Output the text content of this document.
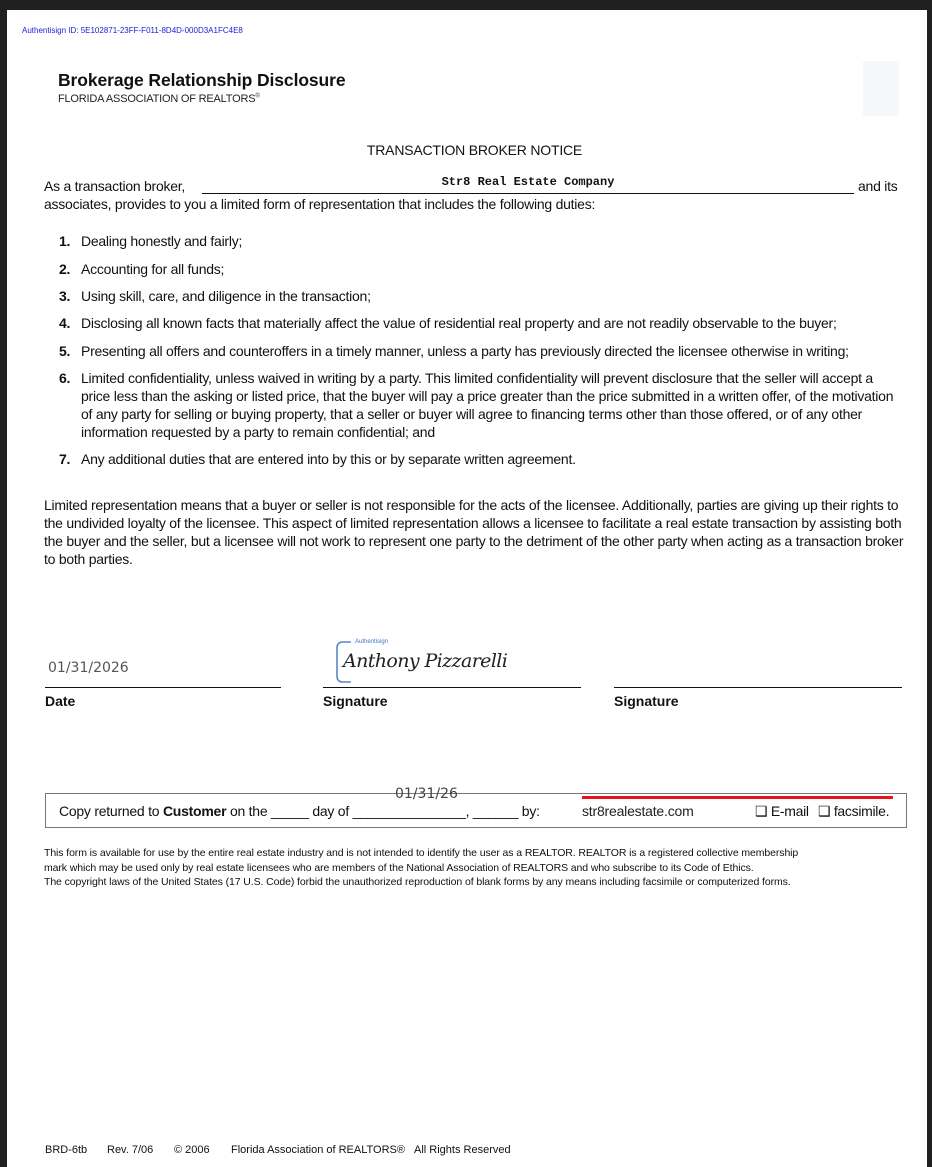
Authentisign ID: 5E102871-23FF-F011-8D4D-000D3A1FC4E8
Brokerage Relationship Disclosure
FLORIDA ASSOCIATION OF REALTORS®
TRANSACTION BROKER NOTICE
As a transaction broker,	Str8 Real Estate Company	and its
associates, provides to you a limited form of representation that includes the following duties:
1. Dealing honestly and fairly;
2. Accounting for all funds;
3. Using skill, care, and diligence in the transaction;
4. Disclosing all known facts that materially affect the value of residential real property and are not readily observable to the buyer;
5. Presenting all offers and counteroffers in a timely manner, unless a party has previously directed the licensee otherwise in writing;
6. Limited confidentiality, unless waived in writing by a party. This limited confidentiality will prevent disclosure that the seller will accept a price less than the asking or listed price, that the buyer will pay a price greater than the price submitted in a written offer, of the motivation of any party for selling or buying property, that a seller or buyer will agree to financing terms other than those offered, or of any other information requested by a party to remain confidential; and
7. Any additional duties that are entered into by this or by separate written agreement.
Limited representation means that a buyer or seller is not responsible for the acts of the licensee. Additionally, parties are giving up their rights to the undivided loyalty of the licensee. This aspect of limited representation allows a licensee to facilitate a real estate transaction by assisting both the buyer and the seller, but a licensee will not work to represent one party to the detriment of the other party when acting as a transaction broker to both parties.
01/31/2026
Date
Authentisign
Anthony Pizzarelli
Signature	Signature
Copy returned to Customer on the _____ day of _______________, ______ by:
01/31/26
str8realestate.com	❑ E-mail ❑ facsimile.
This form is available for use by the entire real estate industry and is not intended to identify the user as a REALTOR. REALTOR is a registered collective membership
mark which may be used only by real estate licensees who are members of the National Association of REALTORS and who subscribe to its Code of Ethics.
The copyright laws of the United States (17 U.S. Code) forbid the unauthorized reproduction of blank forms by any means including facsimile or computerized forms.
BRD-6tb Rev. 7/06 © 2006 Florida Association of REALTORS® All Rights Reserved
